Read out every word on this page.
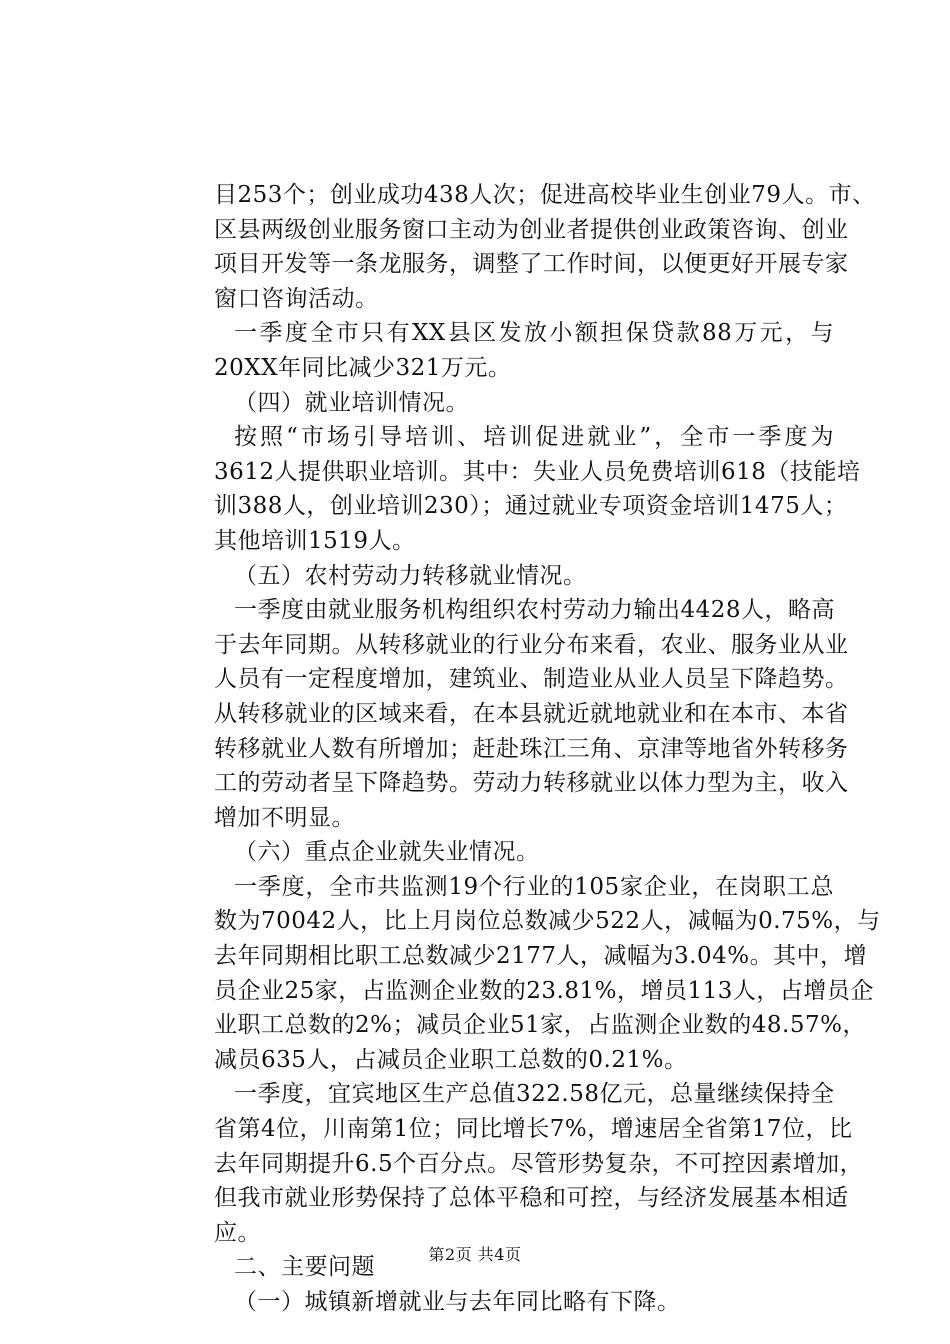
目253个；创业成功438人次；促进高校毕业生创业79人。市、
区县两级创业服务窗口主动为创业者提供创业政策咨询、创业
项目开发等一条龙服务，调整了工作时间，以便更好开展专家
窗口咨询活动。
一季度全市只有XX县区发放小额担保贷款88万元，与
20XX年同比减少321万元。
（四）就业培训情况。
按照“市场引导培训、培训促进就业”，全市一季度为
3612人提供职业培训。其中：失业人员免费培训618（技能培
训388人，创业培训230）；通过就业专项资金培训1475人；
其他培训1519人。
（五）农村劳动力转移就业情况。
一季度由就业服务机构组织农村劳动力输出4428人，略高
于去年同期。从转移就业的行业分布来看，农业、服务业从业
人员有一定程度增加，建筑业、制造业从业人员呈下降趋势。
从转移就业的区域来看，在本县就近就地就业和在本市、本省
转移就业人数有所增加；赶赴珠江三角、京津等地省外转移务
工的劳动者呈下降趋势。劳动力转移就业以体力型为主，收入
增加不明显。
（六）重点企业就失业情况。
一季度，全市共监测19个行业的105家企业，在岗职工总
数为70042人，比上月岗位总数减少522人，减幅为0.75%，与
去年同期相比职工总数减少2177人，减幅为3.04%。其中，增
员企业25家，占监测企业数的23.81%，增员113人，占增员企
业职工总数的2%；减员企业51家，占监测企业数的48.57%，
减员635人，占减员企业职工总数的0.21%。
一季度，宜宾地区生产总值322.58亿元，总量继续保持全
省第4位，川南第1位；同比增长7%，增速居全省第17位，比
去年同期提升6.5个百分点。尽管形势复杂，不可控因素增加，
但我市就业形势保持了总体平稳和可控，与经济发展基本相适
应。
二、主要问题
（一）城镇新增就业与去年同比略有下降。
第2页 共4页
